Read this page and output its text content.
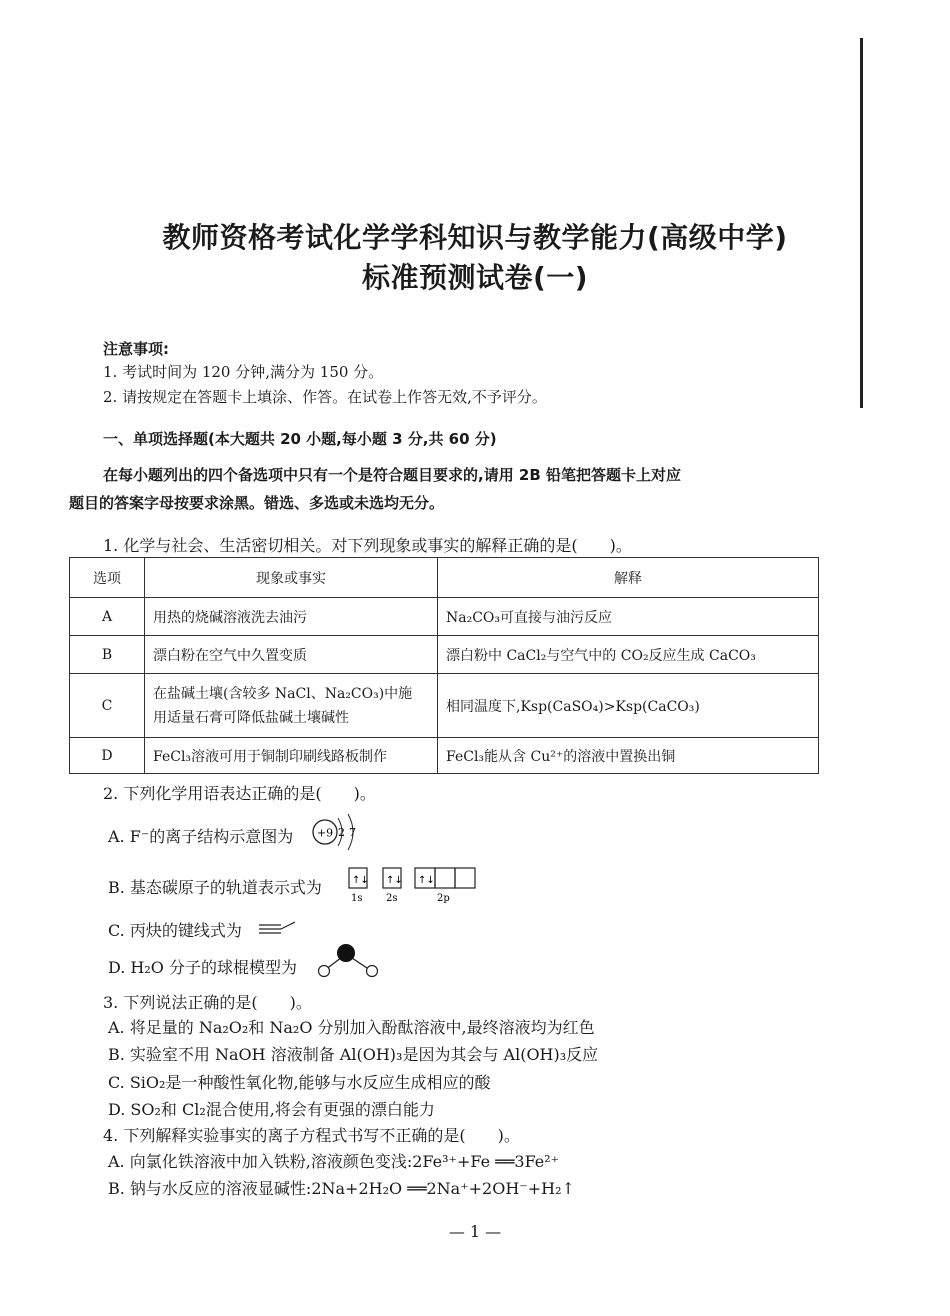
教师资格考试化学学科知识与教学能力(高级中学)
标准预测试卷(一)
注意事项:
1. 考试时间为 120 分钟,满分为 150 分。
2. 请按规定在答题卡上填涂、作答。在试卷上作答无效,不予评分。
一、单项选择题(本大题共 20 小题,每小题 3 分,共 60 分)
在每小题列出的四个备选项中只有一个是符合题目要求的,请用 2B 铅笔把答题卡上对应
题目的答案字母按要求涂黑。错选、多选或未选均无分。
1. 化学与社会、生活密切相关。对下列现象或事实的解释正确的是(　　)。
选项	现象或事实	解释
A	用热的烧碱溶液洗去油污	Na₂CO₃可直接与油污反应
B	漂白粉在空气中久置变质	漂白粉中 CaCl₂与空气中的 CO₂反应生成 CaCO₃
C	在盐碱土壤(含较多 NaCl、Na₂CO₃)中施
用适量石膏可降低盐碱土壤碱性	相同温度下,Ksp(CaSO₄)>Ksp(CaCO₃)
D	FeCl₃溶液可用于铜制印刷线路板制作	FeCl₃能从含 Cu²⁺的溶液中置换出铜
2. 下列化学用语表达正确的是(　　)。
A. F⁻的离子结构示意图为 +9 2 7
B. 基态碳原子的轨道表示式为	↑↓ ↑↓ ↑↓
1s 2s	2p
C. 丙炔的键线式为
D. H₂O 分子的球棍模型为
3. 下列说法正确的是(　　)。
A. 将足量的 Na₂O₂和 Na₂O 分别加入酚酞溶液中,最终溶液均为红色
B. 实验室不用 NaOH 溶液制备 Al(OH)₃是因为其会与 Al(OH)₃反应
C. SiO₂是一种酸性氧化物,能够与水反应生成相应的酸
D. SO₂和 Cl₂混合使用,将会有更强的漂白能力
4. 下列解释实验事实的离子方程式书写不正确的是(　　)。
A. 向氯化铁溶液中加入铁粉,溶液颜色变浅:2Fe³⁺+Fe ══3Fe²⁺
B. 钠与水反应的溶液显碱性:2Na+2H₂O ══2Na⁺+2OH⁻+H₂↑
— 1 —
